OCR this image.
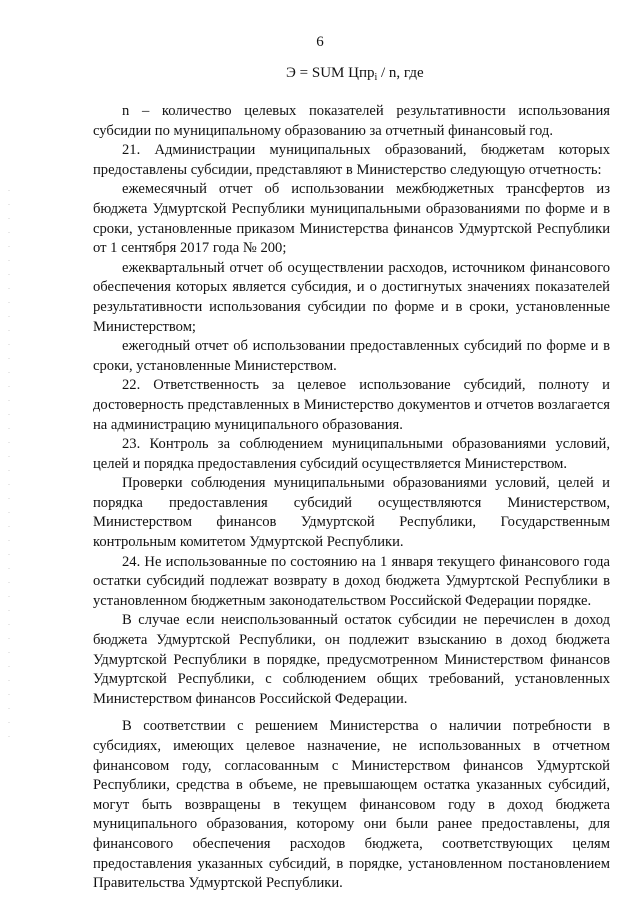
6
Э = SUM Цпр$_i$ / n, где

n – количество целевых показателей результативности использования субсидии по муниципальному образованию за отчетный финансовый год.

21. Администрации муниципальных образований, бюджетам которых предоставлены субсидии, представляют в Министерство следующую отчетность:

ежемесячный отчет об использовании межбюджетных трансфертов из бюджета Удмуртской Республики муниципальными образованиями по форме и в сроки, установленные приказом Министерства финансов Удмуртской Республики от 1 сентября 2017 года № 200;

ежеквартальный отчет об осуществлении расходов, источником финансового обеспечения которых является субсидия, и о достигнутых значениях показателей результативности использования субсидии по форме и в сроки, установленные Министерством;

ежегодный отчет об использовании предоставленных субсидий по форме и в сроки, установленные Министерством.

22. Ответственность за целевое использование субсидий, полноту и достоверность представленных в Министерство документов и отчетов возлагается на администрацию муниципального образования.

23. Контроль за соблюдением муниципальными образованиями условий, целей и порядка предоставления субсидий осуществляется Министерством.

Проверки соблюдения муниципальными образованиями условий, целей и порядка предоставления субсидий осуществляются Министерством, Министерством финансов Удмуртской Республики, Государственным контрольным комитетом Удмуртской Республики.

24. Не использованные по состоянию на 1 января текущего финансового года остатки субсидий подлежат возврату в доход бюджета Удмуртской Республики в установленном бюджетным законодательством Российской Федерации порядке.

В случае если неиспользованный остаток субсидии не перечислен в доход бюджета Удмуртской Республики, он подлежит взысканию в доход бюджета Удмуртской Республики в порядке, предусмотренном Министерством финансов Удмуртской Республики, с соблюдением общих требований, установленных Министерством финансов Российской Федерации.

В соответствии с решением Министерства о наличии потребности в субсидиях, имеющих целевое назначение, не использованных в отчетном финансовом году, согласованным с Министерством финансов Удмуртской Республики, средства в объеме, не превышающем остатка указанных субсидий, могут быть возвращены в текущем финансовом году в доход бюджета муниципального образования, которому они были ранее предоставлены, для финансового обеспечения расходов бюджета, соответствующих целям предоставления указанных субсидий, в порядке, установленном постановлением Правительства Удмуртской Республики.
